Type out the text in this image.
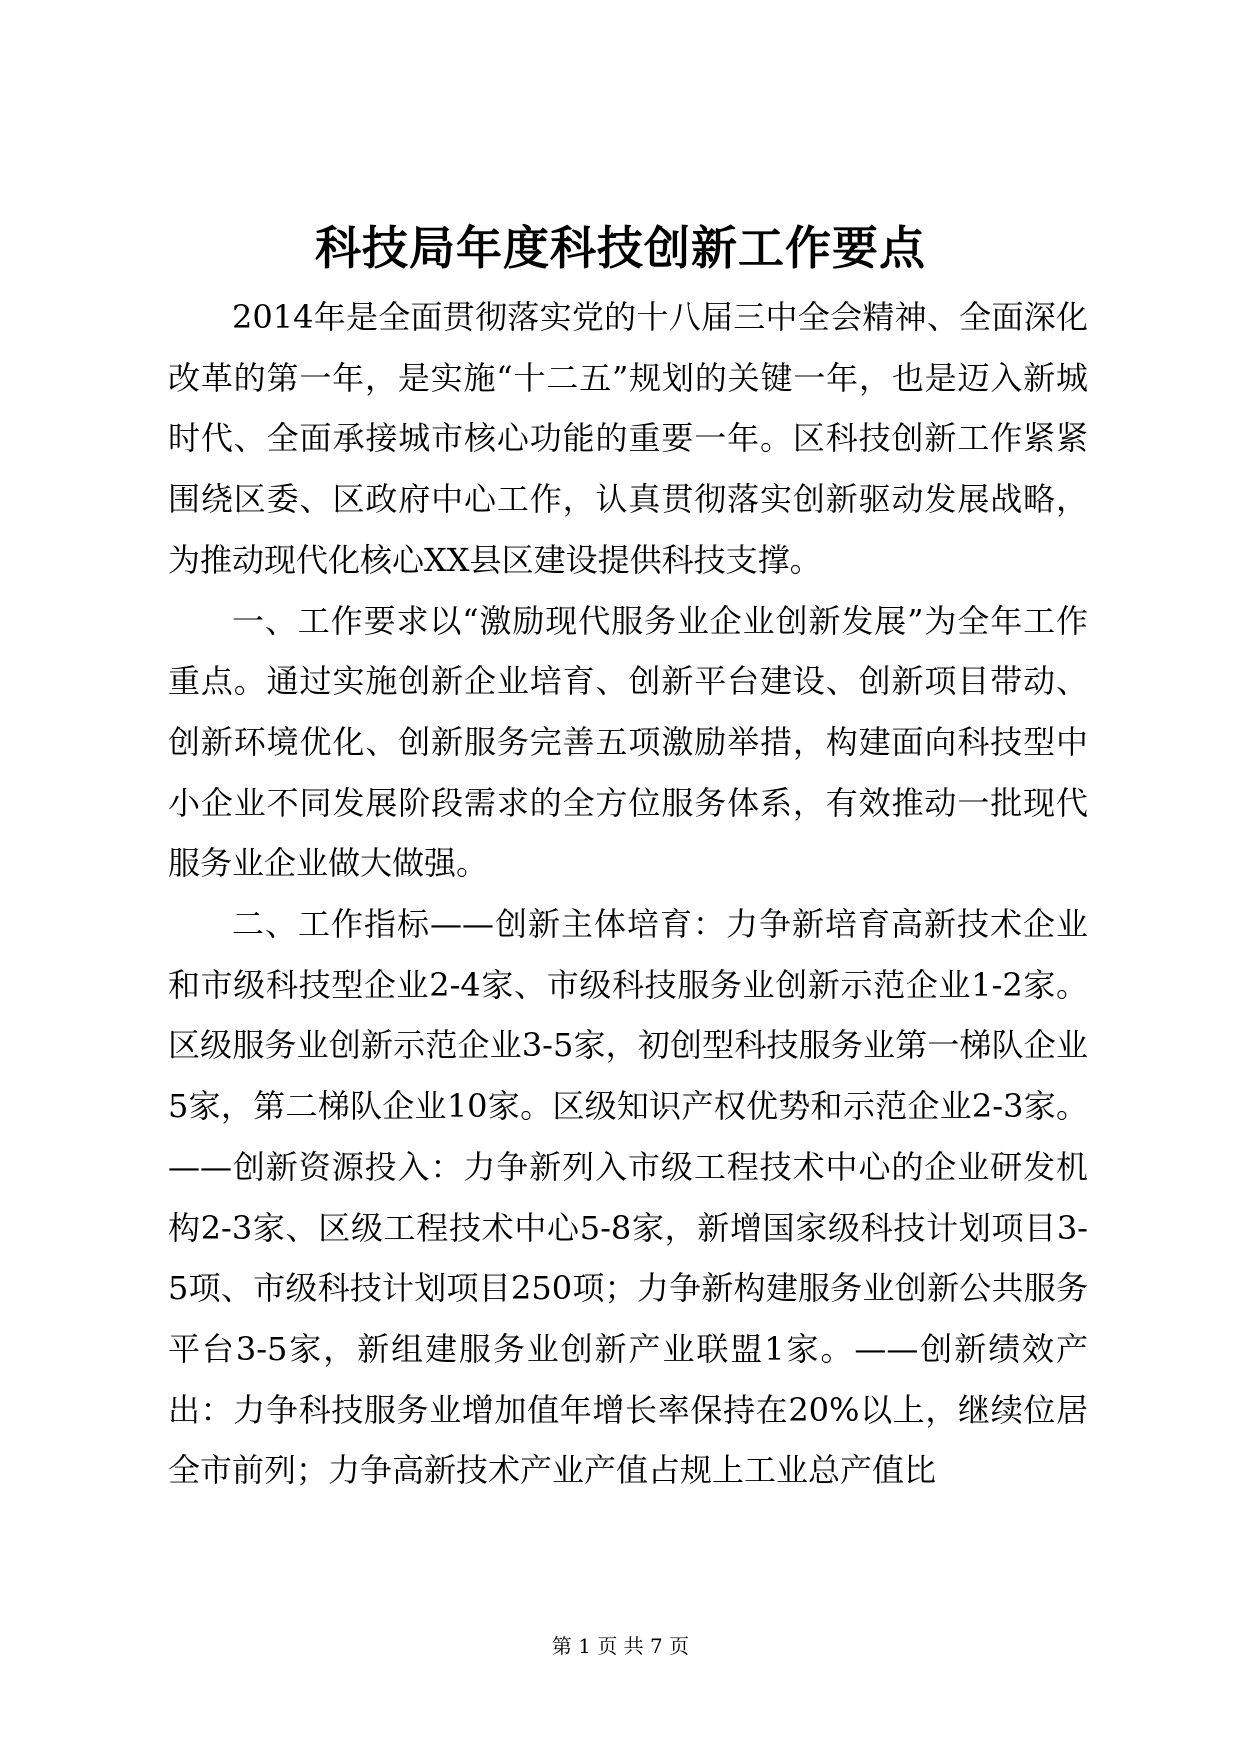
科技局年度科技创新工作要点

2014年是全面贯彻落实党的十八届三中全会精神、全面深化改革的第一年，是实施“十二五”规划的关键一年，也是迈入新城时代、全面承接城市核心功能的重要一年。区科技创新工作紧紧围绕区委、区政府中心工作，认真贯彻落实创新驱动发展战略，为推动现代化核心XX县区建设提供科技支撑。

一、工作要求以“激励现代服务业企业创新发展”为全年工作重点。通过实施创新企业培育、创新平台建设、创新项目带动、创新环境优化、创新服务完善五项激励举措，构建面向科技型中小企业不同发展阶段需求的全方位服务体系，有效推动一批现代服务业企业做大做强。

二、工作指标——创新主体培育：力争新培育高新技术企业和市级科技型企业2-4家、市级科技服务业创新示范企业1-2家。区级服务业创新示范企业3-5家，初创型科技服务业第一梯队企业5家，第二梯队企业10家。区级知识产权优势和示范企业2-3家。——创新资源投入：力争新列入市级工程技术中心的企业研发机构2-3家、区级工程技术中心5-8家，新增国家级科技计划项目3-5项、市级科技计划项目250项；力争新构建服务业创新公共服务平台3-5家，新组建服务业创新产业联盟1家。——创新绩效产出：力争科技服务业增加值年增长率保持在20%以上，继续位居全市前列；力争高新技术产业产值占规上工业总产值比

第 1 页 共 7 页
